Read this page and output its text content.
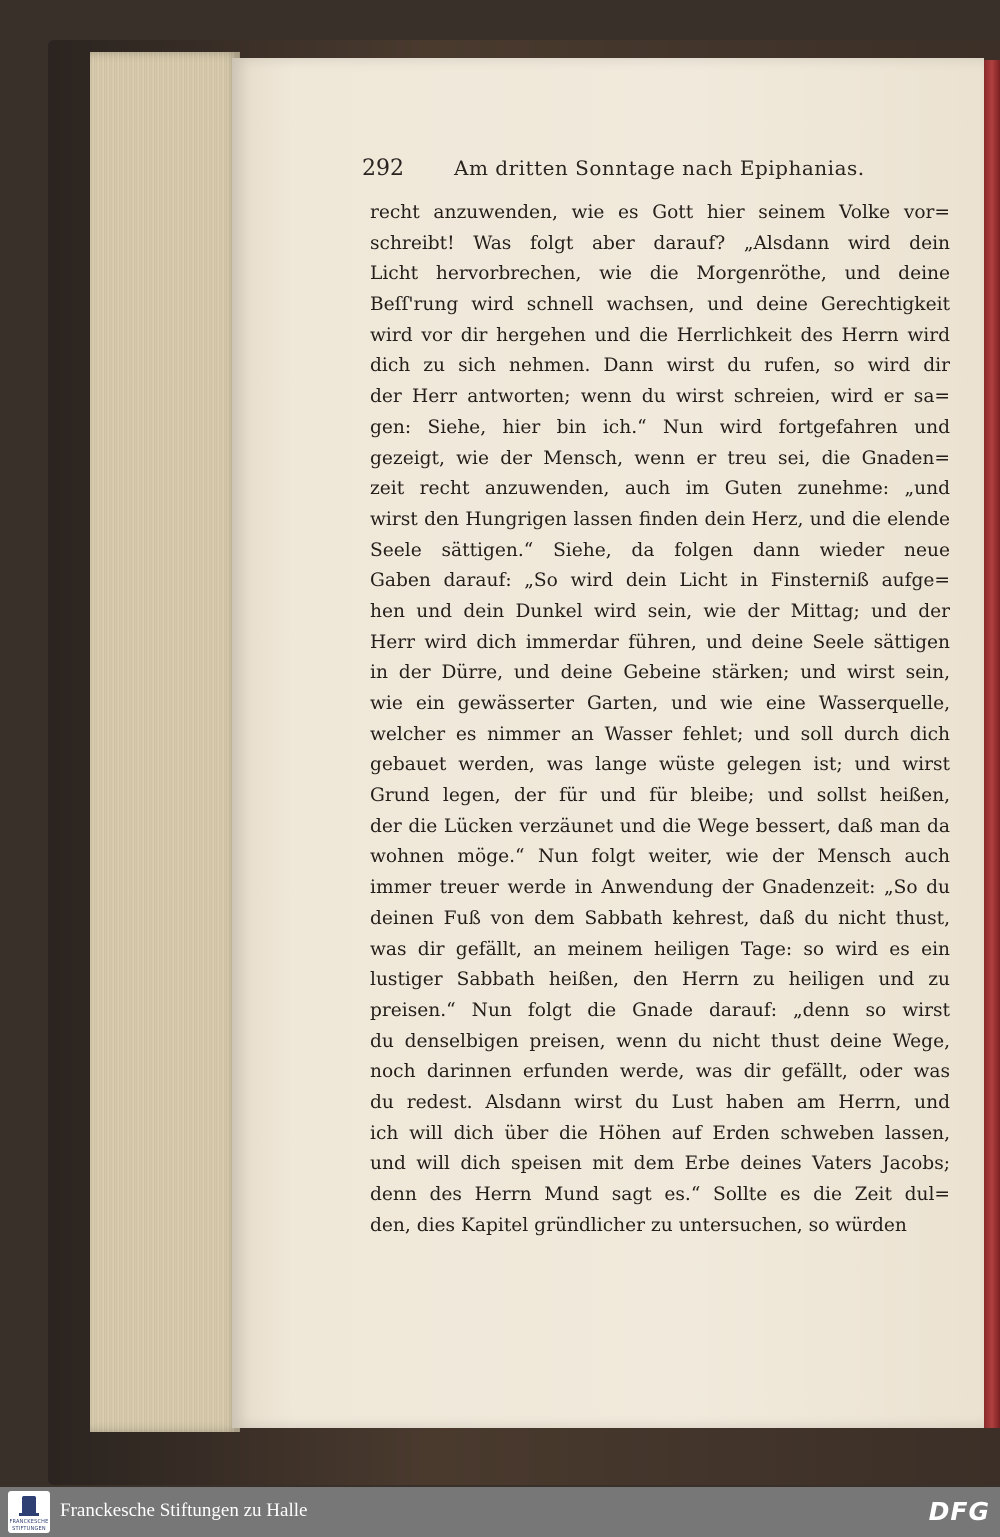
292	Am dritten Sonntage nach Epiphanias.
recht anzuwenden, wie es Gott hier seinem Volke vor=
schreibt! Was folgt aber darauf? „Alsdann wird dein
Licht hervorbrechen, wie die Morgenröthe, und deine
Beſſ'rung wird schnell wachsen, und deine Gerechtigkeit
wird vor dir hergehen und die Herrlichkeit des Herrn wird
dich zu sich nehmen. Dann wirst du rufen, so wird dir
der Herr antworten; wenn du wirst schreien, wird er sa=
gen: Siehe, hier bin ich.“ Nun wird fortgefahren und
gezeigt, wie der Mensch, wenn er treu sei, die Gnaden=
zeit recht anzuwenden, auch im Guten zunehme: „und
wirst den Hungrigen lassen finden dein Herz, und die elende
Seele sättigen.“ Siehe, da folgen dann wieder neue
Gaben darauf: „So wird dein Licht in Finsterniß aufge=
hen und dein Dunkel wird sein, wie der Mittag; und der
Herr wird dich immerdar führen, und deine Seele sättigen
in der Dürre, und deine Gebeine stärken; und wirst sein,
wie ein gewässerter Garten, und wie eine Wasserquelle,
welcher es nimmer an Wasser fehlet; und soll durch dich
gebauet werden, was lange wüste gelegen ist; und wirst
Grund legen, der für und für bleibe; und sollst heißen,
der die Lücken verzäunet und die Wege bessert, daß man da
wohnen möge.“ Nun folgt weiter, wie der Mensch auch
immer treuer werde in Anwendung der Gnadenzeit: „So du
deinen Fuß von dem Sabbath kehrest, daß du nicht thust,
was dir gefällt, an meinem heiligen Tage: so wird es ein
lustiger Sabbath heißen, den Herrn zu heiligen und zu
preisen.“ Nun folgt die Gnade darauf: „denn so wirst
du denselbigen preisen, wenn du nicht thust deine Wege,
noch darinnen erfunden werde, was dir gefällt, oder was
du redest. Alsdann wirst du Lust haben am Herrn, und
ich will dich über die Höhen auf Erden schweben lassen,
und will dich speisen mit dem Erbe deines Vaters Jacobs;
denn des Herrn Mund sagt es.“ Sollte es die Zeit dul=
den, dies Kapitel gründlicher zu untersuchen, so würden
FRANCKESCHE
STIFTUNGEN
Franckesche Stiftungen zu Halle	DFG
